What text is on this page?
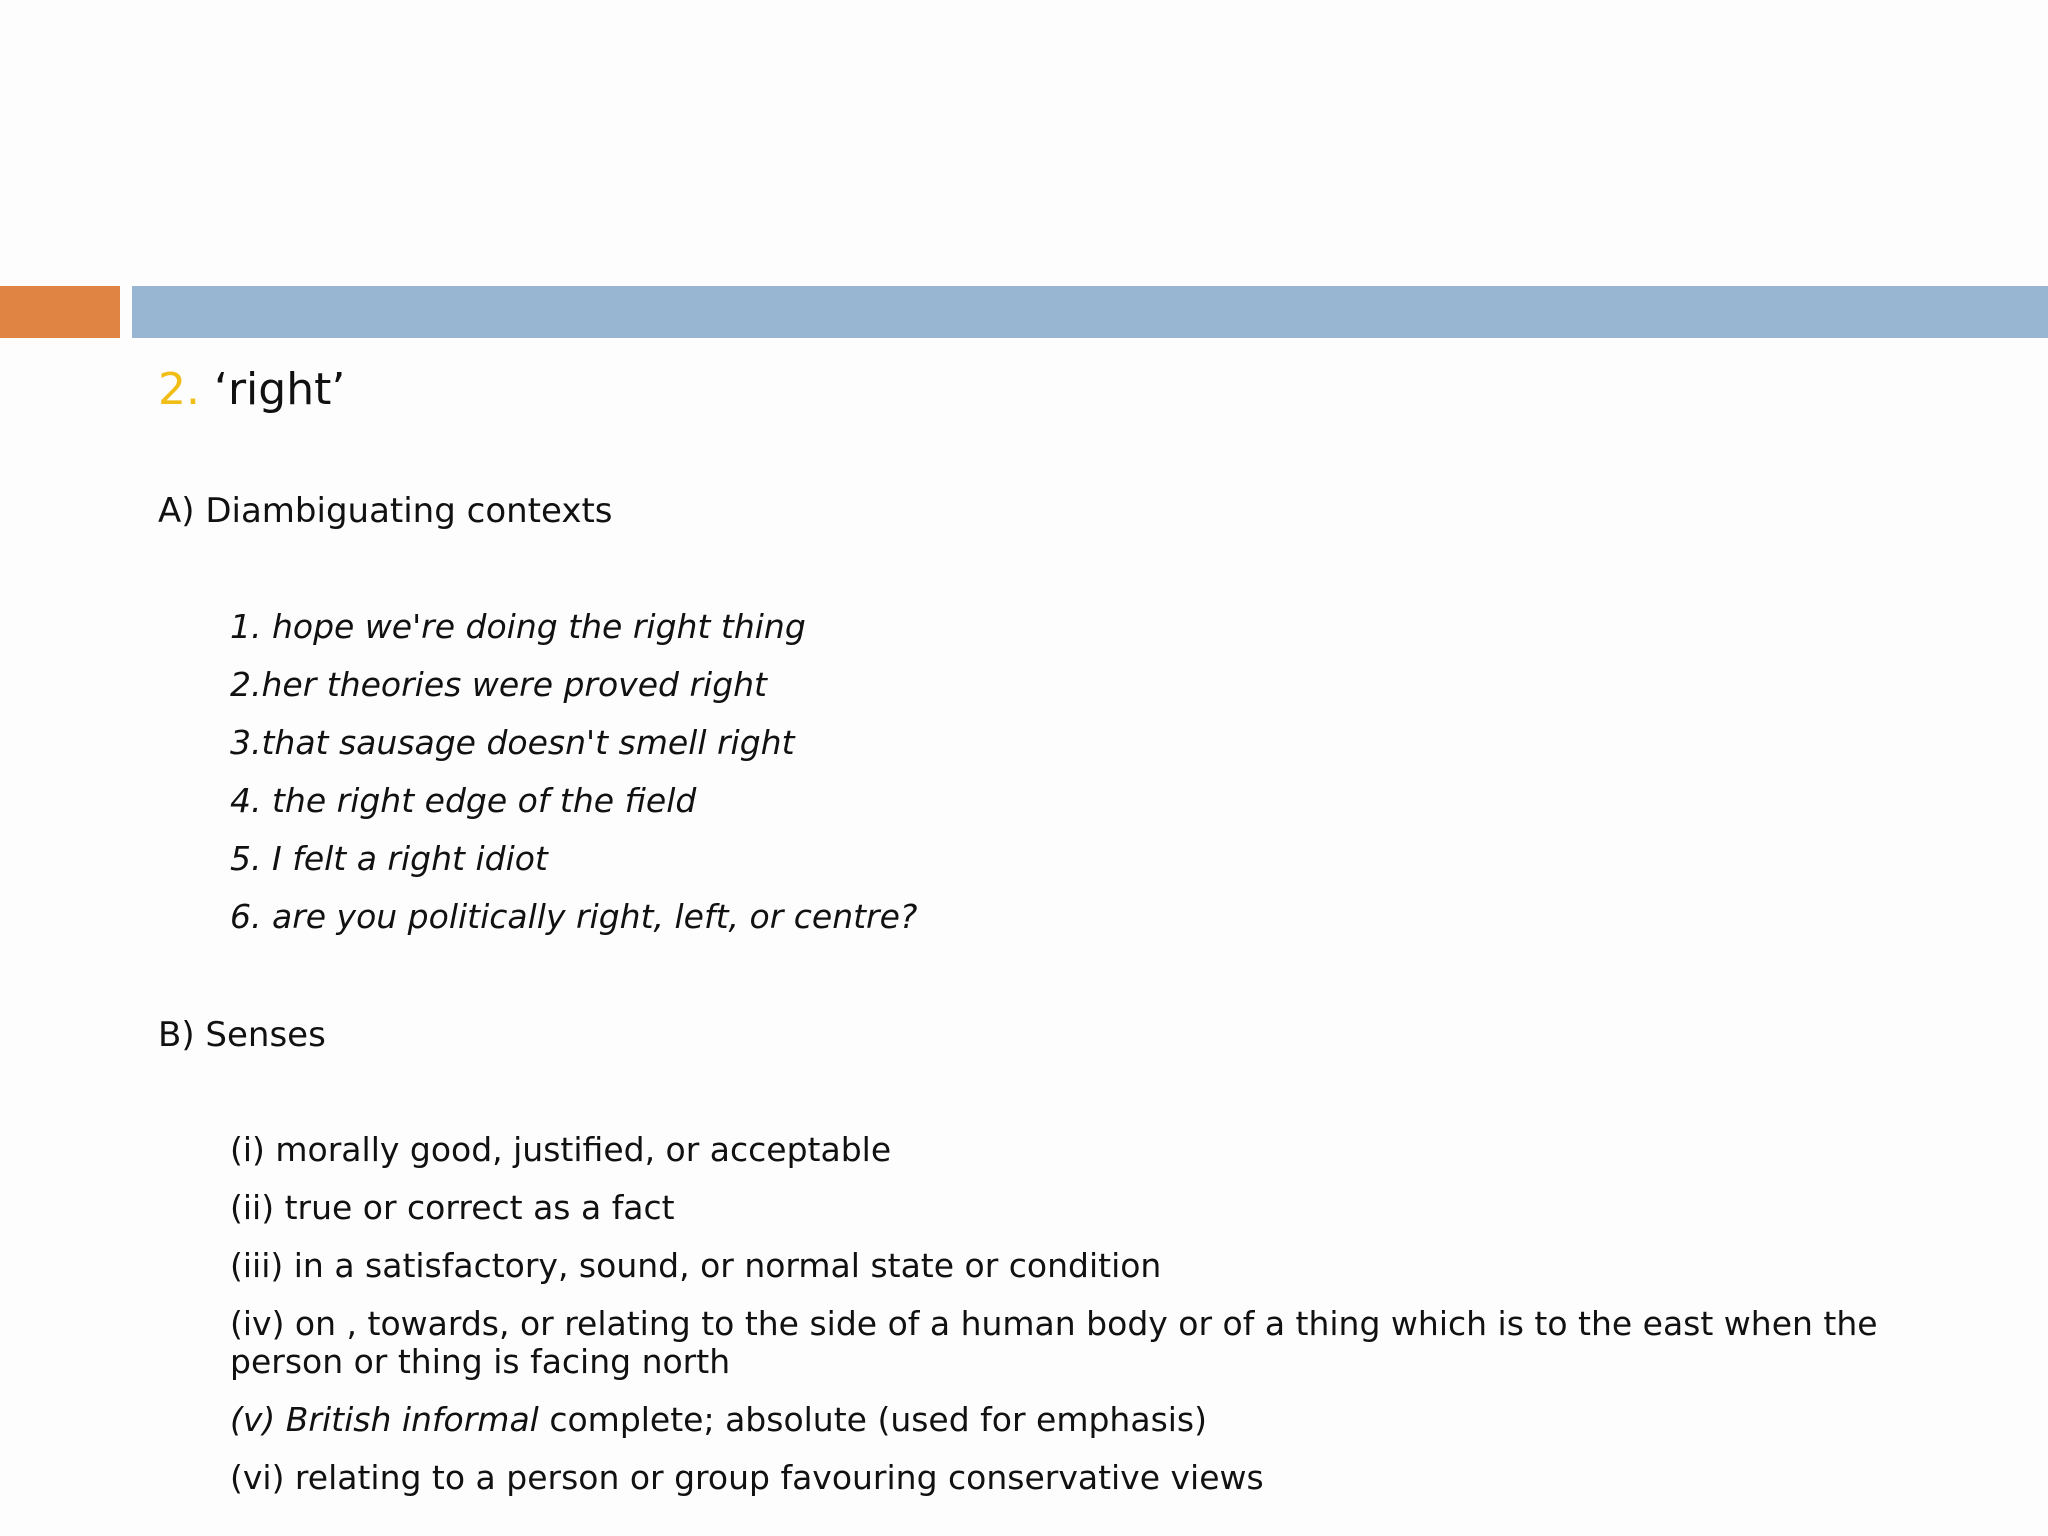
2. ‘right’
A) Diambiguating contexts
1. hope we're doing the right thing
2.her theories were proved right
3.that sausage doesn't smell right
4. the right edge of the field
5. I felt a right idiot
6. are you politically right, left, or centre?
B) Senses
(i) morally good, justified, or acceptable
(ii) true or correct as a fact
(iii) in a satisfactory, sound, or normal state or condition
(iv) on , towards, or relating to the side of a human body or of a thing which is to the east when the person or thing is facing north
(v) British informal complete; absolute (used for emphasis)
(vi) relating to a person or group favouring conservative views
